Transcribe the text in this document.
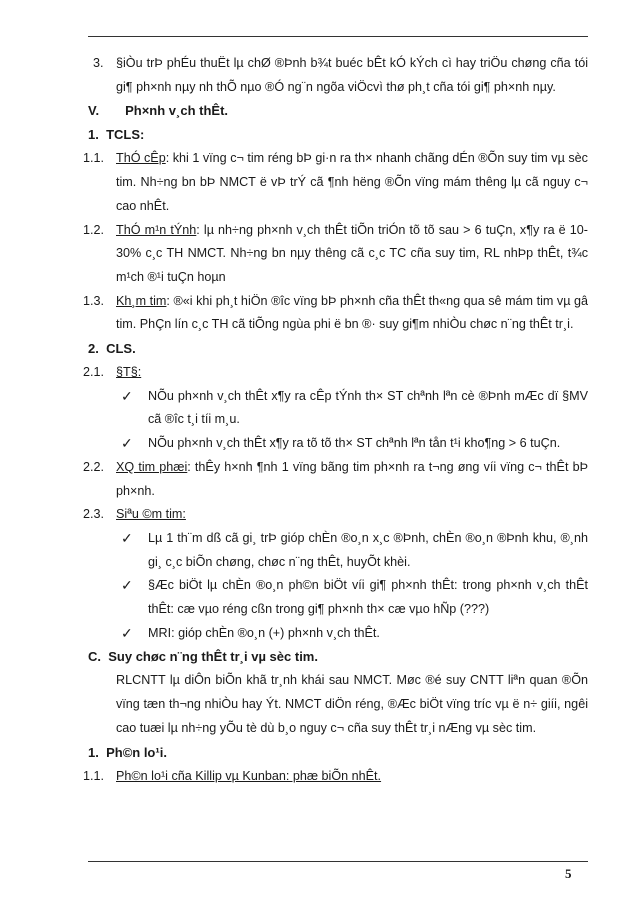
3. §iÒu trÞ phÉu thuËt lµ chØ ®Þnh b¾t buéc bÊt kÓ kÝch cì hay triÖu chøng cña tói gi¶ ph×nh nµy nh thÕ nµo ®Ó ng¨n ngõa viÖcvì thø ph¸t cña tói gi¶ ph×nh nµy.
V. Ph×nh v¸ch thÊt.
1. TCLS:
1.1. ThÓ cÊp: khi 1 vïng c¬ tim réng bÞ gi·n ra th× nhanh chãng dÉn ®Õn suy tim vµ sèc tim. Nh÷ng bn bÞ NMCT ë vÞ trÝ cã ¶nh hëng ®Õn vïng mám thêng lµ cã nguy c¬ cao nhÊt.
1.2. ThÓ m¹n tÝnh: lµ nh÷ng ph×nh v¸ch thÊt tiÕn triÓn tõ tõ sau > 6 tuÇn, x¶y ra ë 10-30% c¸c TH NMCT. Nh÷ng bn nµy thêng cã c¸c TC cña suy tim, RL nhÞp thÊt, t¾c m¹ch ®¹i tuÇn hoµn
1.3. Kh¸m tim: ®«i khi ph¸t hiÖn ®îc vïng bÞ ph×nh cña thÊt th«ng qua sê mám tim vµ gâ tim. PhÇn lín c¸c TH cã tiÕng ngùa phi ë bn ®· suy gi¶m nhiÒu chøc n¨ng thÊt tr¸i.
2. CLS.
2.1. §T§:
✓ NÕu ph×nh v¸ch thÊt x¶y ra cÊp tÝnh th× ST chªnh lªn cè ®Þnh mÆc dï §MV cã ®îc t¸i tíi m¸u.
✓ NÕu ph×nh v¸ch thÊt x¶y ra tõ tõ th× ST chªnh lªn tån t¹i kho¶ng > 6 tuÇn.
2.2. XQ tim phæi: thÊy h×nh ¶nh 1 vïng bãng tim ph×nh ra t¬ng øng víi vïng c¬ thÊt bÞ ph×nh.
2.3. Siªu ©m tim:
✓ Lµ 1 th¨m dß cã gi¸ trÞ gióp chÈn ®o¸n x¸c ®Þnh, chÈn ®o¸n ®Þnh khu, ®¸nh gi¸ c¸c biÕn chøng, chøc n¨ng thÊt, huyÕt khèi.
✓ §Æc biÖt lµ chÈn ®o¸n ph©n biÖt víi gi¶ ph×nh thÊt: trong ph×nh v¸ch thÊt thÊt: cæ vµo réng cßn trong gi¶ ph×nh th× cæ vµo hÑp (???)
✓ MRI: gióp chÈn ®o¸n (+) ph×nh v¸ch thÊt.
C. Suy chøc n¨ng thÊt tr¸i vµ sèc tim.
RLCNTT lµ diÔn biÕn khã tr¸nh khái sau NMCT. Møc ®é suy CNTT liªn quan ®Õn vïng tæn th¬ng nhiÒu hay Ýt. NMCT diÖn réng, ®Æc biÖt vïng tríc vµ ë n÷ giíi, ngêi cao tuæi lµ nh÷ng yÕu tè dù b¸o nguy c¬ cña suy thÊt tr¸i nÆng vµ sèc tim.
1. Ph©n lo¹i.
1.1. Ph©n lo¹i cña Killip vµ Kunban: phæ biÕn nhÊt.
5
